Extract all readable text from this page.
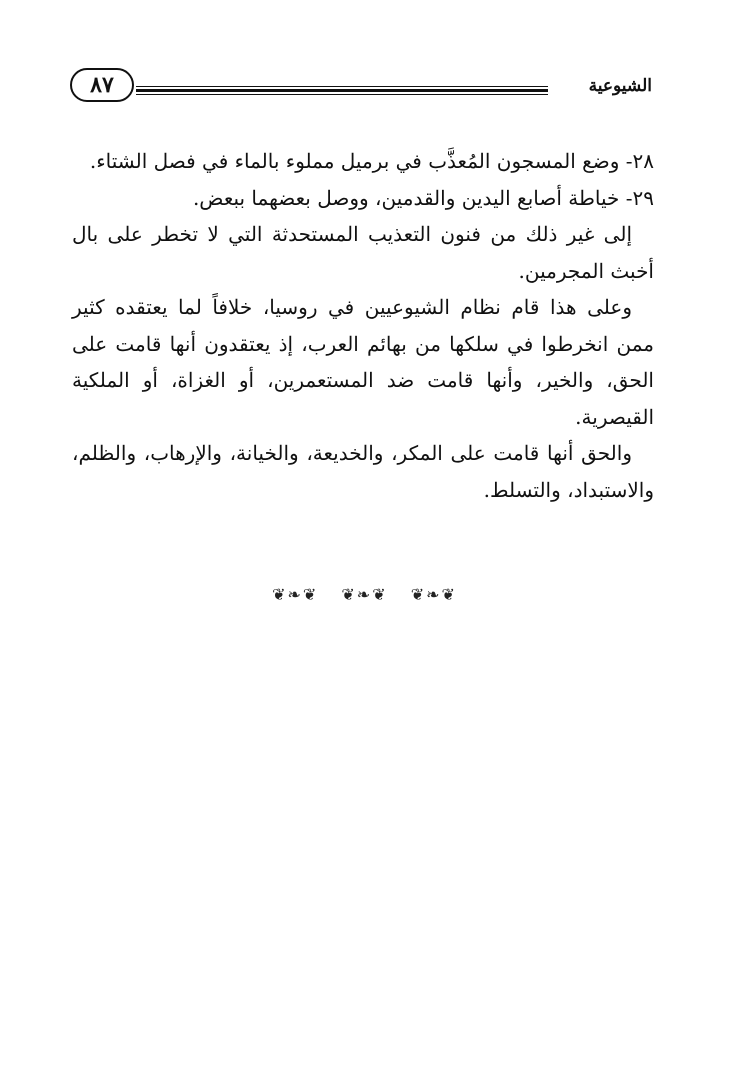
الشيوعية
٨٧

٢٨- وضع المسجون المُعذَّب في برميل مملوء بالماء في فصل الشتاء.

٢٩- خياطة أصابع اليدين والقدمين، ووصل بعضهما ببعض.

إلى غير ذلك من فنون التعذيب المستحدثة التي لا تخطر على بال أخبث المجرمين.

وعلى هذا قام نظام الشيوعيين في روسيا، خلافاً لما يعتقده كثير ممن انخرطوا في سلكها من بهائم العرب، إذ يعتقدون أنها قامت على الحق، والخير، وأنها قامت ضد المستعمرين، أو الغزاة، أو الملكية القيصرية.

والحق أنها قامت على المكر، والخديعة، والخيانة، والإرهاب، والظلم، والاستبداد، والتسلط.

❦❧❦ ❦❧❦ ❦❧❦
